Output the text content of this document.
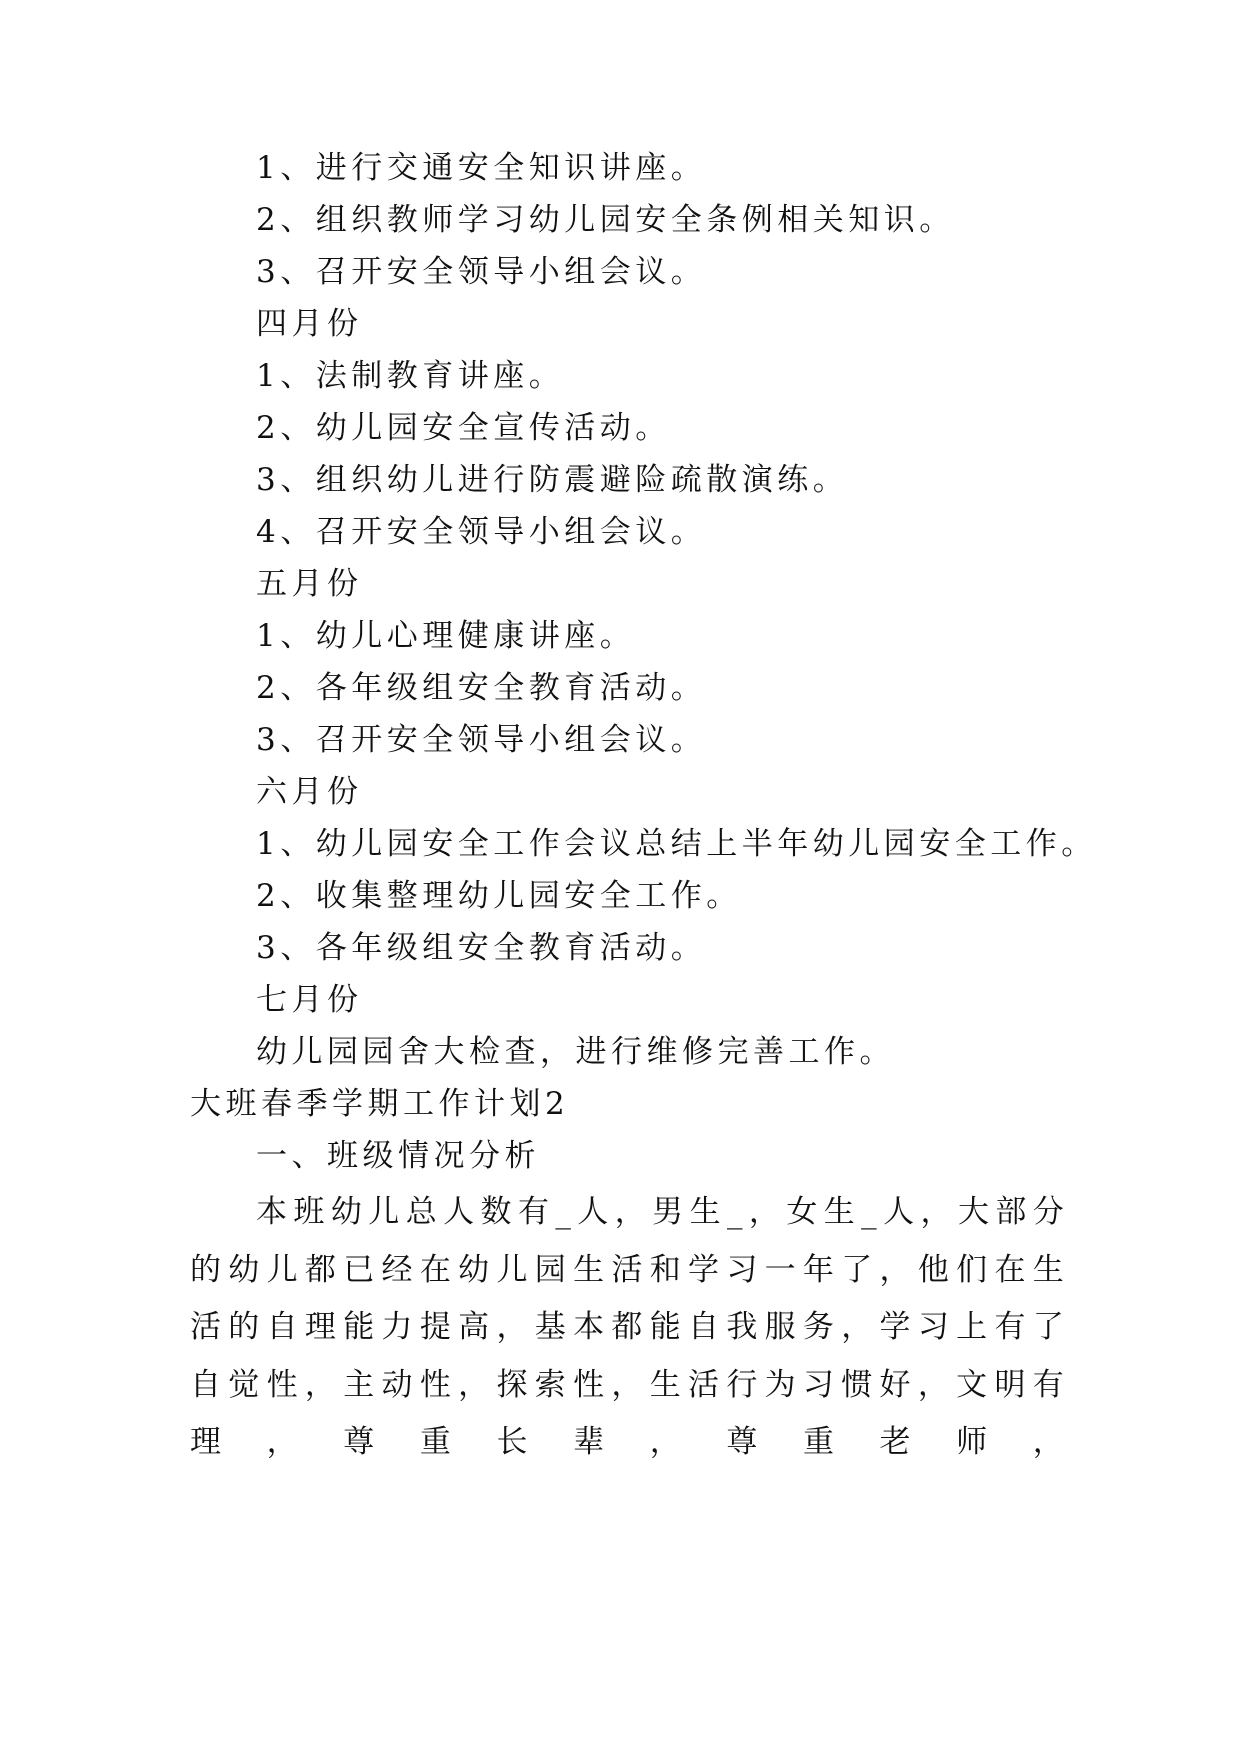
1、进行交通安全知识讲座。
2、组织教师学习幼儿园安全条例相关知识。
3、召开安全领导小组会议。
四月份
1、法制教育讲座。
2、幼儿园安全宣传活动。
3、组织幼儿进行防震避险疏散演练。
4、召开安全领导小组会议。
五月份
1、幼儿心理健康讲座。
2、各年级组安全教育活动。
3、召开安全领导小组会议。
六月份
1、幼儿园安全工作会议总结上半年幼儿园安全工作。
2、收集整理幼儿园安全工作。
3、各年级组安全教育活动。
七月份
幼儿园园舍大检查，进行维修完善工作。
大班春季学期工作计划2
一、班级情况分析
本班幼儿总人数有_人，男生_，女生_人，大部分的幼儿都已经在幼儿园生活和学习一年了，他们在生活的自理能力提高，基本都能自我服务，学习上有了自觉性，主动性，探索性，生活行为习惯好，文明有理，尊重长辈，尊重老师，
